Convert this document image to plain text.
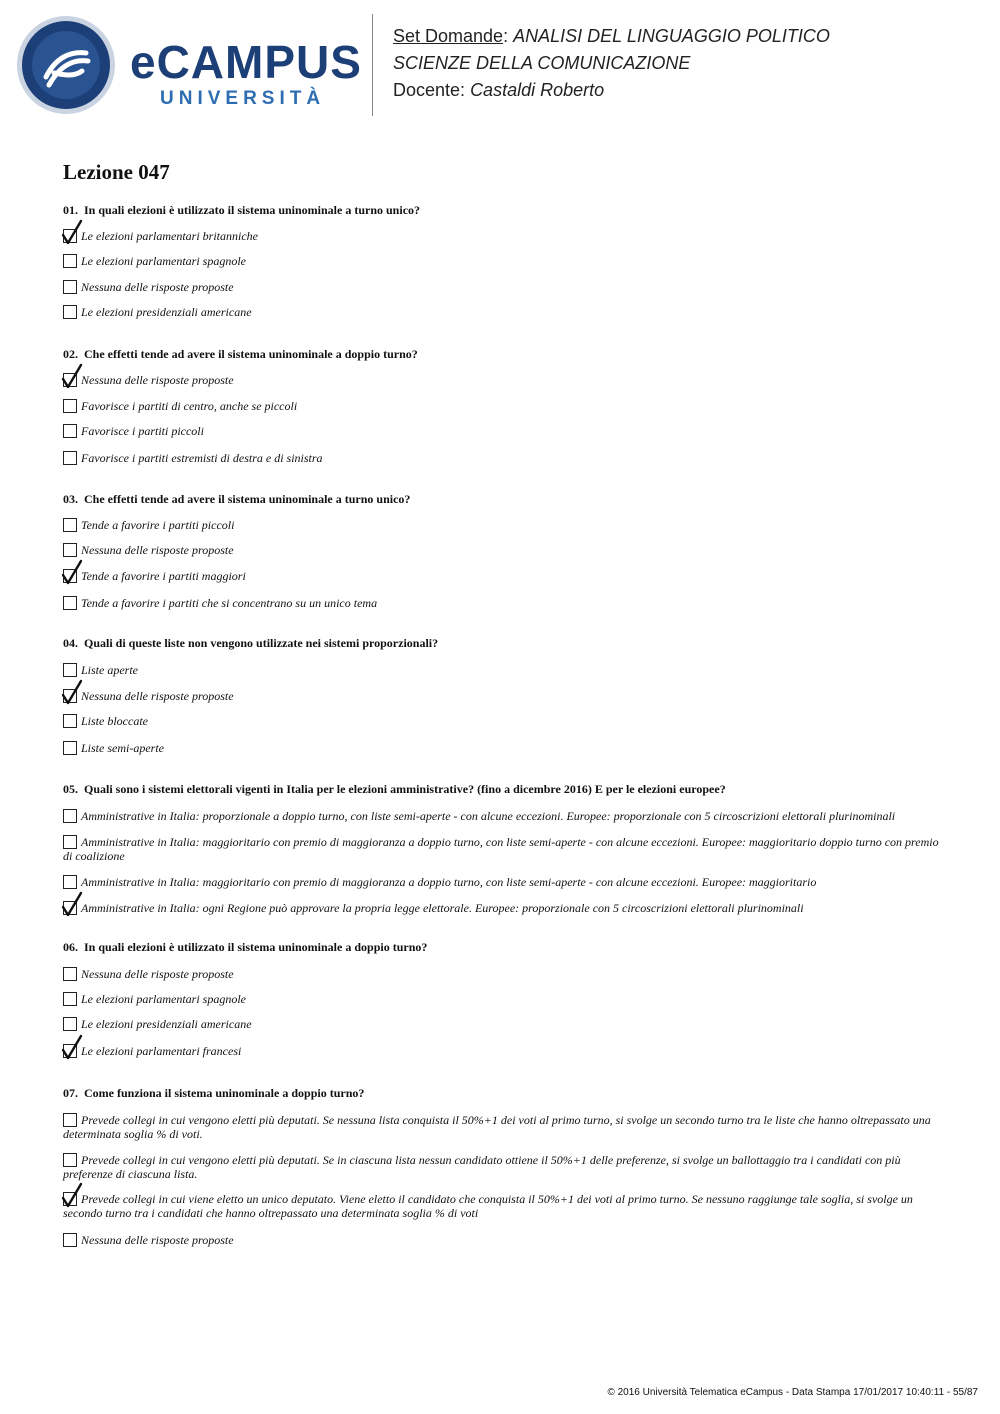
eCAMPUS
UNIVERSITÀ
Set Domande: ANALISI DEL LINGUAGGIO POLITICO
SCIENZE DELLA COMUNICAZIONE
Docente: Castaldi Roberto
Lezione 047
01. In quali elezioni è utilizzato il sistema uninominale a turno unico?
Le elezioni parlamentari britanniche
Le elezioni parlamentari spagnole
Nessuna delle risposte proposte
Le elezioni presidenziali americane
02. Che effetti tende ad avere il sistema uninominale a doppio turno?
Nessuna delle risposte proposte
Favorisce i partiti di centro, anche se piccoli
Favorisce i partiti piccoli
Favorisce i partiti estremisti di destra e di sinistra
03. Che effetti tende ad avere il sistema uninominale a turno unico?
Tende a favorire i partiti piccoli
Nessuna delle risposte proposte
Tende a favorire i partiti maggiori
Tende a favorire i partiti che si concentrano su un unico tema
04. Quali di queste liste non vengono utilizzate nei sistemi proporzionali?
Liste aperte
Nessuna delle risposte proposte
Liste bloccate
Liste semi-aperte
05. Quali sono i sistemi elettorali vigenti in Italia per le elezioni amministrative? (fino a dicembre 2016) E per le elezioni europee?
Amministrative in Italia: proporzionale a doppio turno, con liste semi-aperte - con alcune eccezioni. Europee: proporzionale con 5 circoscrizioni elettorali plurinominali
Amministrative in Italia: maggioritario con premio di maggioranza a doppio turno, con liste semi-aperte - con alcune eccezioni. Europee: maggioritario doppio turno con premio di coalizione
Amministrative in Italia: maggioritario con premio di maggioranza a doppio turno, con liste semi-aperte - con alcune eccezioni. Europee: maggioritario
Amministrative in Italia: ogni Regione può approvare la propria legge elettorale. Europee: proporzionale con 5 circoscrizioni elettorali plurinominali
06. In quali elezioni è utilizzato il sistema uninominale a doppio turno?
Nessuna delle risposte proposte
Le elezioni parlamentari spagnole
Le elezioni presidenziali americane
Le elezioni parlamentari francesi
07. Come funziona il sistema uninominale a doppio turno?
Prevede collegi in cui vengono eletti più deputati. Se nessuna lista conquista il 50%+1 dei voti al primo turno, si svolge un secondo turno tra le liste che hanno oltrepassato una determinata soglia % di voti.
Prevede collegi in cui vengono eletti più deputati. Se in ciascuna lista nessun candidato ottiene il 50%+1 delle preferenze, si svolge un ballottaggio tra i candidati con più preferenze di ciascuna lista.
Prevede collegi in cui viene eletto un unico deputato. Viene eletto il candidato che conquista il 50%+1 dei voti al primo turno. Se nessuno raggiunge tale soglia, si svolge un secondo turno tra i candidati che hanno oltrepassato una determinata soglia % di voti
Nessuna delle risposte proposte
© 2016 Università Telematica eCampus - Data Stampa 17/01/2017 10:40:11 - 55/87
